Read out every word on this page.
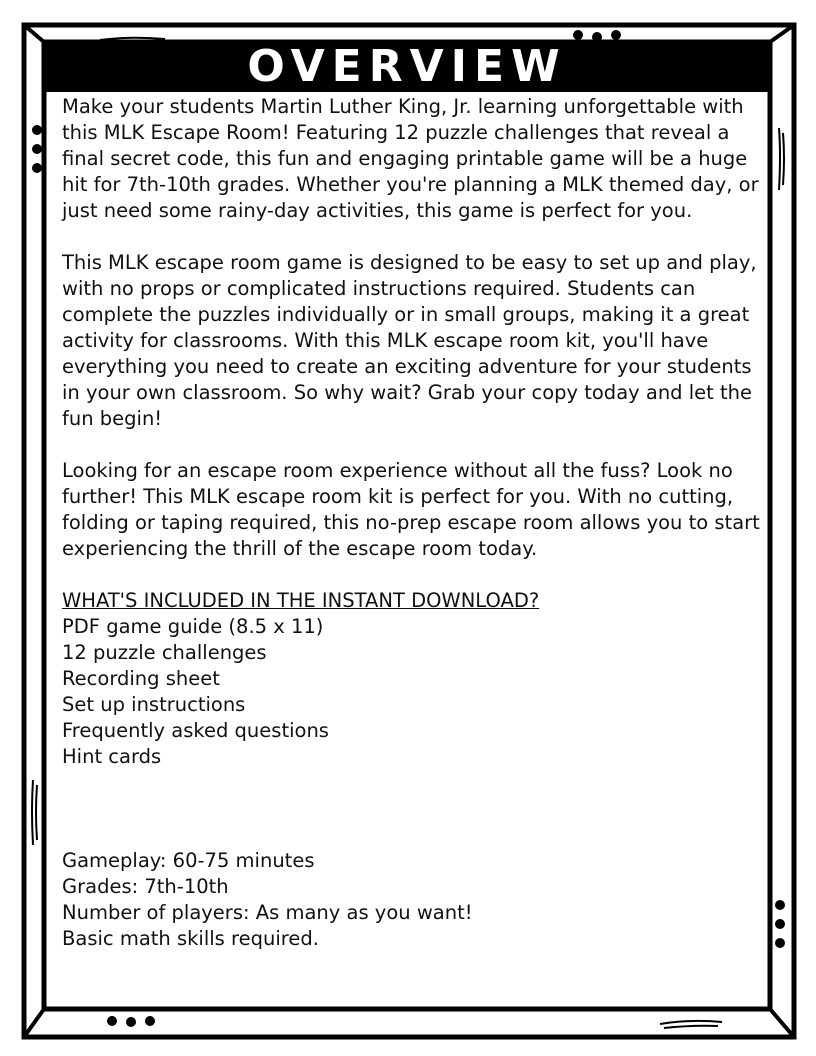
OVERVIEW

Make your students Martin Luther King, Jr. learning unforgettable with this MLK Escape Room! Featuring 12 puzzle challenges that reveal a final secret code, this fun and engaging printable game will be a huge hit for 7th-10th grades. Whether you're planning a MLK themed day, or just need some rainy-day activities, this game is perfect for you.

This MLK escape room game is designed to be easy to set up and play, with no props or complicated instructions required. Students can complete the puzzles individually or in small groups, making it a great activity for classrooms. With this MLK escape room kit, you'll have everything you need to create an exciting adventure for your students in your own classroom. So why wait? Grab your copy today and let the fun begin!

Looking for an escape room experience without all the fuss? Look no further! This MLK escape room kit is perfect for you. With no cutting, folding or taping required, this no-prep escape room allows you to start experiencing the thrill of the escape room today.

WHAT'S INCLUDED IN THE INSTANT DOWNLOAD?
PDF game guide (8.5 x 11)
12 puzzle challenges
Recording sheet
Set up instructions
Frequently asked questions
Hint cards
Gameplay: 60-75 minutes
Grades: 7th-10th
Number of players: As many as you want!
Basic math skills required.
